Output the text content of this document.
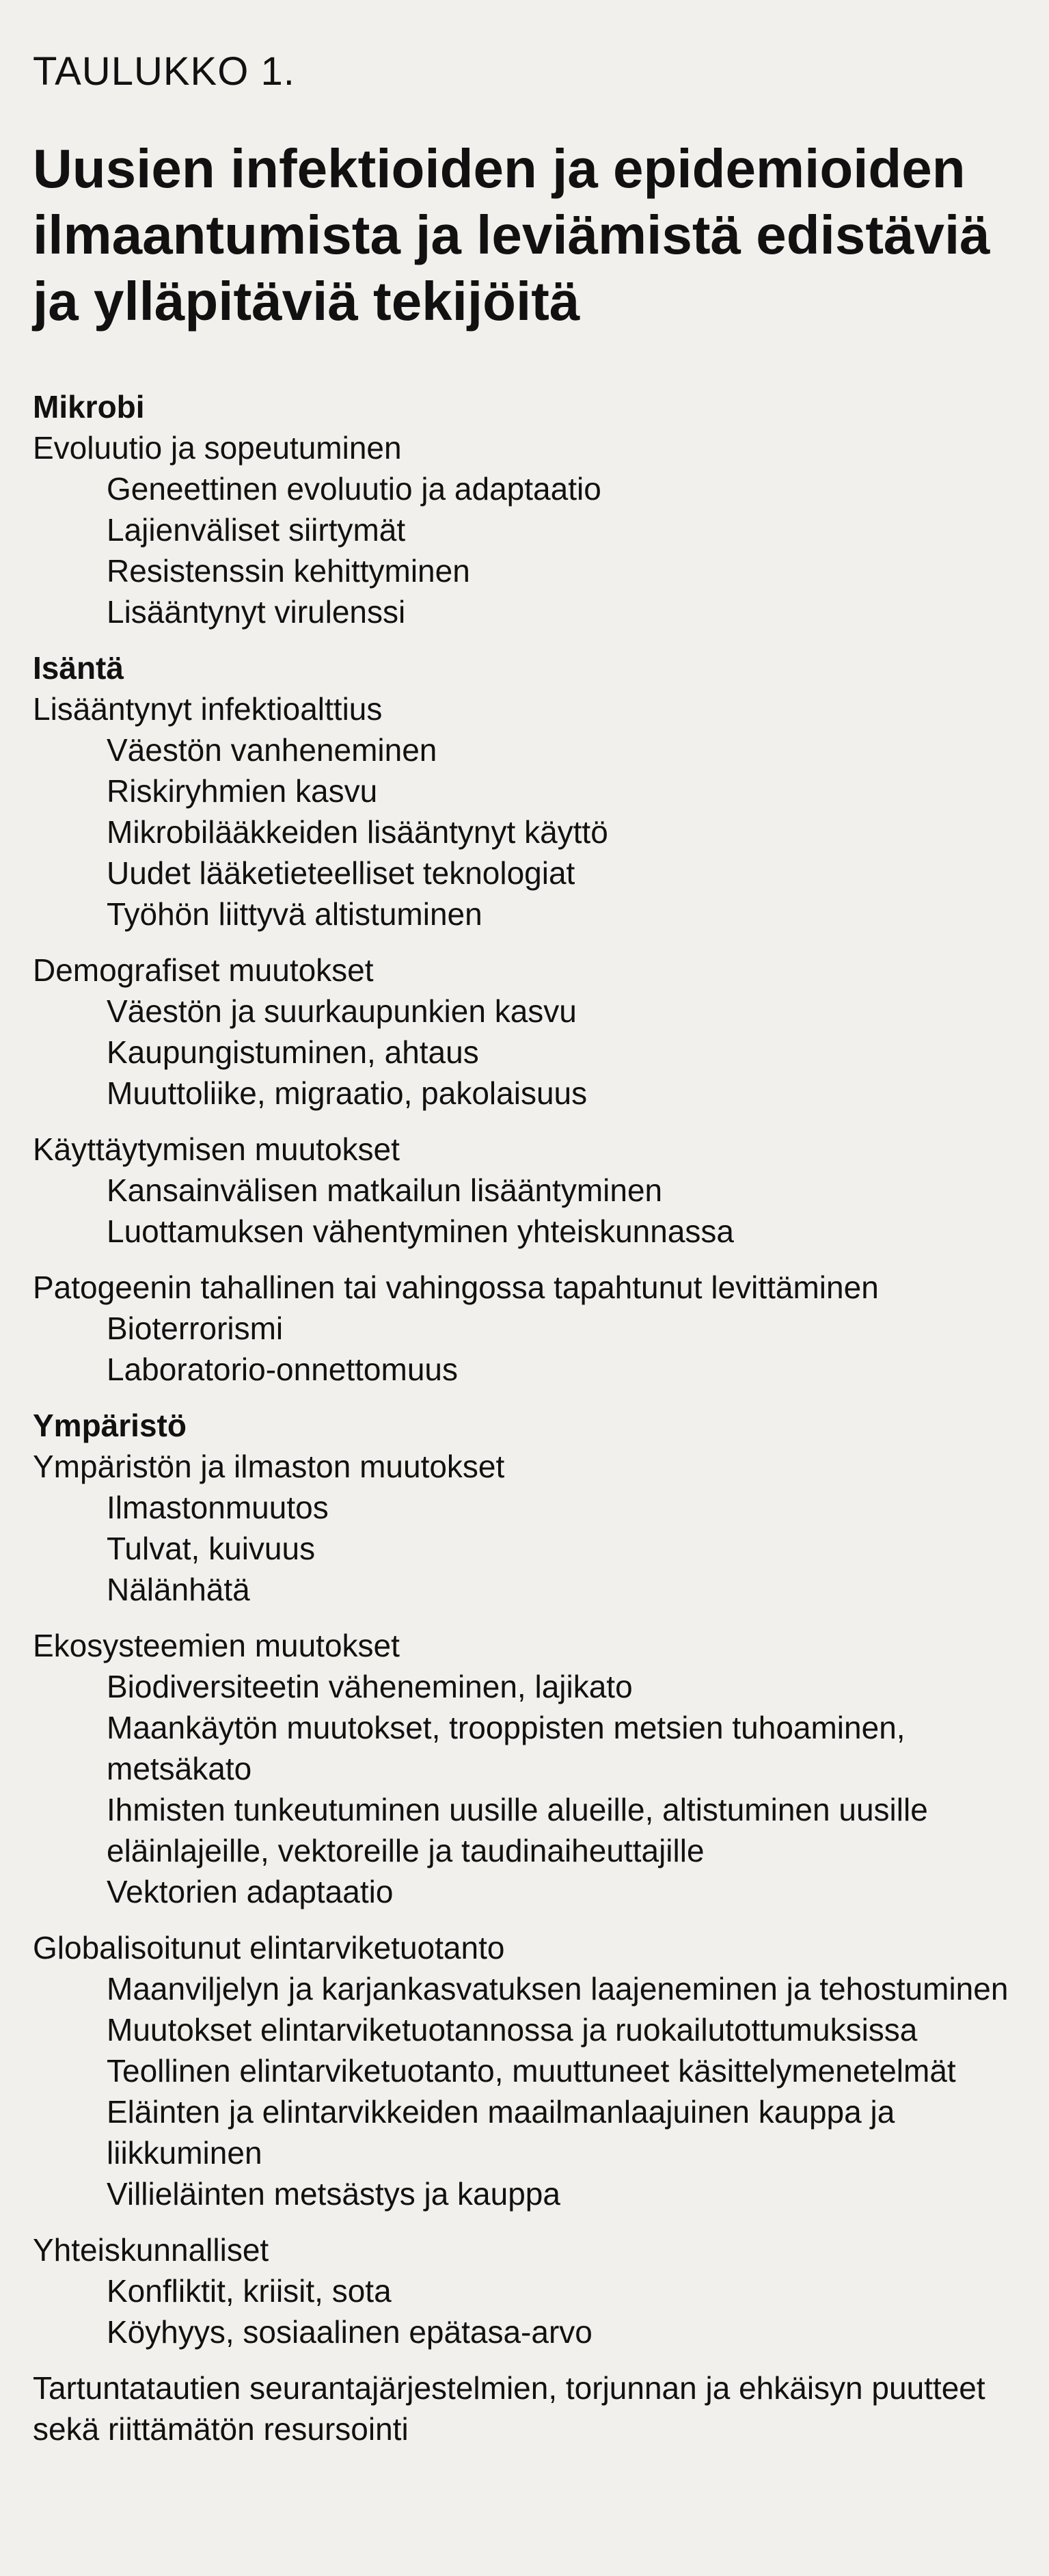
TAULUKKO 1.
Uusien infektioiden ja epidemioiden ilmaantumista ja leviämistä edistäviä ja ylläpitäviä tekijöitä
Mikrobi
Evoluutio ja sopeutuminen
Geneettinen evoluutio ja adaptaatio
Lajienväliset siirtymät
Resistenssin kehittyminen
Lisääntynyt virulenssi
Isäntä
Lisääntynyt infektioalttius
Väestön vanheneminen
Riskiryhmien kasvu
Mikrobilääkkeiden lisääntynyt käyttö
Uudet lääketieteelliset teknologiat
Työhön liittyvä altistuminen
Demografiset muutokset
Väestön ja suurkaupunkien kasvu
Kaupungistuminen, ahtaus
Muuttoliike, migraatio, pakolaisuus
Käyttäytymisen muutokset
Kansainvälisen matkailun lisääntyminen
Luottamuksen vähentyminen yhteiskunnassa
Patogeenin tahallinen tai vahingossa tapahtunut levittäminen
Bioterrorismi
Laboratorio-onnettomuus
Ympäristö
Ympäristön ja ilmaston muutokset
Ilmastonmuutos
Tulvat, kuivuus
Nälänhätä
Ekosysteemien muutokset
Biodiversiteetin väheneminen, lajikato
Maankäytön muutokset, trooppisten metsien tuhoaminen, metsäkato
Ihmisten tunkeutuminen uusille alueille, altistuminen uusille eläinlajeille, vektoreille ja taudinaiheuttajille
Vektorien adaptaatio
Globalisoitunut elintarviketuotanto
Maanviljelyn ja karjankasvatuksen laajeneminen ja tehostuminen
Muutokset elintarviketuotannossa ja ruokailutottumuksissa
Teollinen elintarviketuotanto, muuttuneet käsittelymenetelmät
Eläinten ja elintarvikkeiden maailmanlaajuinen kauppa ja liikkuminen
Villieläinten metsästys ja kauppa
Yhteiskunnalliset
Konfliktit, kriisit, sota
Köyhyys, sosiaalinen epätasa-arvo
Tartuntatautien seurantajärjestelmien, torjunnan ja ehkäisyn puutteet sekä riittämätön resursointi
